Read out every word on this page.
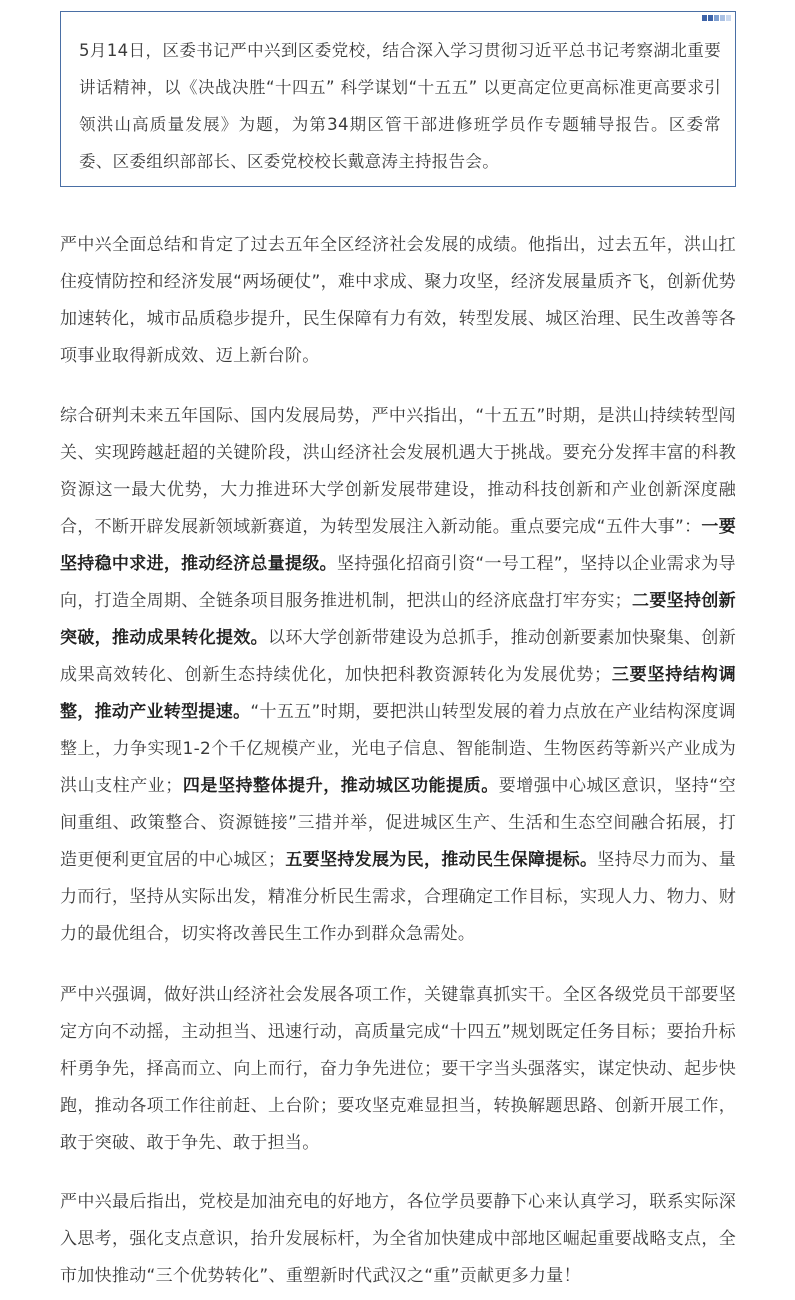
5月14日，区委书记严中兴到区委党校，结合深入学习贯彻习近平总书记考察湖北重要讲话精神，以《决战决胜“十四五” 科学谋划“十五五” 以更高定位更高标准更高要求引领洪山高质量发展》为题，为第34期区管干部进修班学员作专题辅导报告。区委常委、区委组织部部长、区委党校校长戴意涛主持报告会。

严中兴全面总结和肯定了过去五年全区经济社会发展的成绩。他指出，过去五年，洪山扛住疫情防控和经济发展“两场硬仗”，难中求成、聚力攻坚，经济发展量质齐飞，创新优势加速转化，城市品质稳步提升，民生保障有力有效，转型发展、城区治理、民生改善等各项事业取得新成效、迈上新台阶。

综合研判未来五年国际、国内发展局势，严中兴指出，“十五五”时期，是洪山持续转型闯关、实现跨越赶超的关键阶段，洪山经济社会发展机遇大于挑战。要充分发挥丰富的科教资源这一最大优势，大力推进环大学创新发展带建设，推动科技创新和产业创新深度融合，不断开辟发展新领域新赛道，为转型发展注入新动能。重点要完成“五件大事”：一要坚持稳中求进，推动经济总量提级。坚持强化招商引资“一号工程”，坚持以企业需求为导向，打造全周期、全链条项目服务推进机制，把洪山的经济底盘打牢夯实；二要坚持创新突破，推动成果转化提效。以环大学创新带建设为总抓手，推动创新要素加快聚集、创新成果高效转化、创新生态持续优化，加快把科教资源转化为发展优势；三要坚持结构调整，推动产业转型提速。“十五五”时期，要把洪山转型发展的着力点放在产业结构深度调整上，力争实现1-2个千亿规模产业，光电子信息、智能制造、生物医药等新兴产业成为洪山支柱产业；四是坚持整体提升，推动城区功能提质。要增强中心城区意识，坚持“空间重组、政策整合、资源链接”三措并举，促进城区生产、生活和生态空间融合拓展，打造更便利更宜居的中心城区；五要坚持发展为民，推动民生保障提标。坚持尽力而为、量力而行，坚持从实际出发，精准分析民生需求，合理确定工作目标，实现人力、物力、财力的最优组合，切实将改善民生工作办到群众急需处。

严中兴强调，做好洪山经济社会发展各项工作，关键靠真抓实干。全区各级党员干部要坚定方向不动摇，主动担当、迅速行动，高质量完成“十四五”规划既定任务目标；要抬升标杆勇争先，择高而立、向上而行，奋力争先进位；要干字当头强落实，谋定快动、起步快跑，推动各项工作往前赶、上台阶；要攻坚克难显担当，转换解题思路、创新开展工作，敢于突破、敢于争先、敢于担当。

严中兴最后指出，党校是加油充电的好地方，各位学员要静下心来认真学习，联系实际深入思考，强化支点意识，抬升发展标杆，为全省加快建成中部地区崛起重要战略支点，全市加快推动“三个优势转化”、重塑新时代武汉之“重”贡献更多力量！
